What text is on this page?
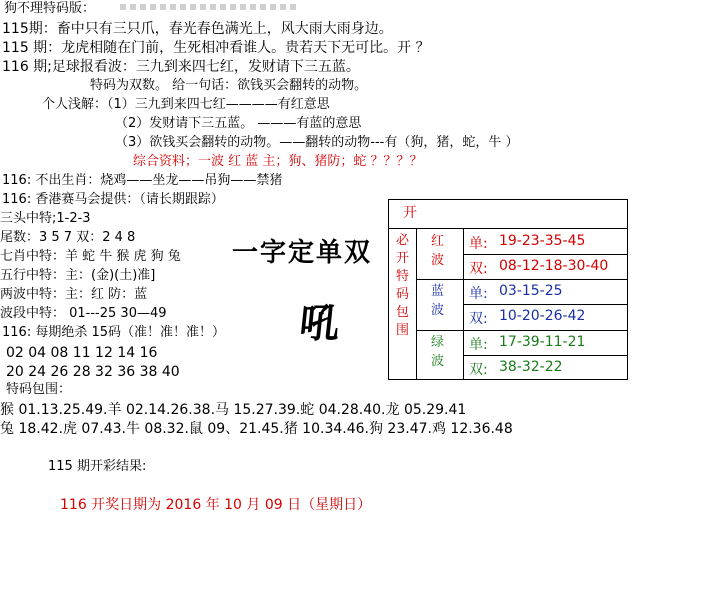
狗不理特码版：
115期：畜中只有三只爪，春光春色满光上，风大雨大雨身边。
115 期：龙虎相随在门前，生死相冲看谁人。贵若天下无可比。开 ？
116 期;足球报看波：三九到来四七红，发财请下三五蓝。
特码为双数。 给一句话：欲钱买会翻转的动物。
个人浅解：（1）三九到来四七红————有红意思
（2）发财请下三五蓝。 ———有蓝的意思
（3）欲钱买会翻转的动物。——翻转的动物---有（狗，猪，蛇，牛 ）
综合资料；一波 红 蓝 主；狗、猪防；蛇 ？？？？
116: 不出生肖：烧鸡——坐龙——吊狗——禁猪
116: 香港赛马会提供：（请长期跟踪）
三头中特;1-2-3
尾数：3 5 7 双：2 4 8
七肖中特：羊 蛇 牛 猴 虎 狗 兔
五行中特：主：(金)(土)准]
两波中特：主：红 防：蓝
波段中特： 01---25 30—49
116: 每期绝杀 15码（准！准！准！）
02 04 08 11 12 14 16
20 24 26 28 32 36 38 40
特码包围：
猴 01.13.25.49.羊 02.14.26.38.马 15.27.39.蛇 04.28.40.龙 05.29.41
兔 18.42.虎 07.43.牛 08.32.鼠 09、21.45.猪 10.34.46.狗 23.47.鸡 12.36.48
115 期开彩结果:
116 开奖日期为 2016 年 10 月 09 日（星期日）
一字定单双
吼
开
必
开
特
码
包
围
红
波
蓝
波
绿
波
单: 19-23-35-45
双: 08-12-18-30-40
单: 03-15-25
双: 10-20-26-42
单: 17-39-11-21
双: 38-32-22
